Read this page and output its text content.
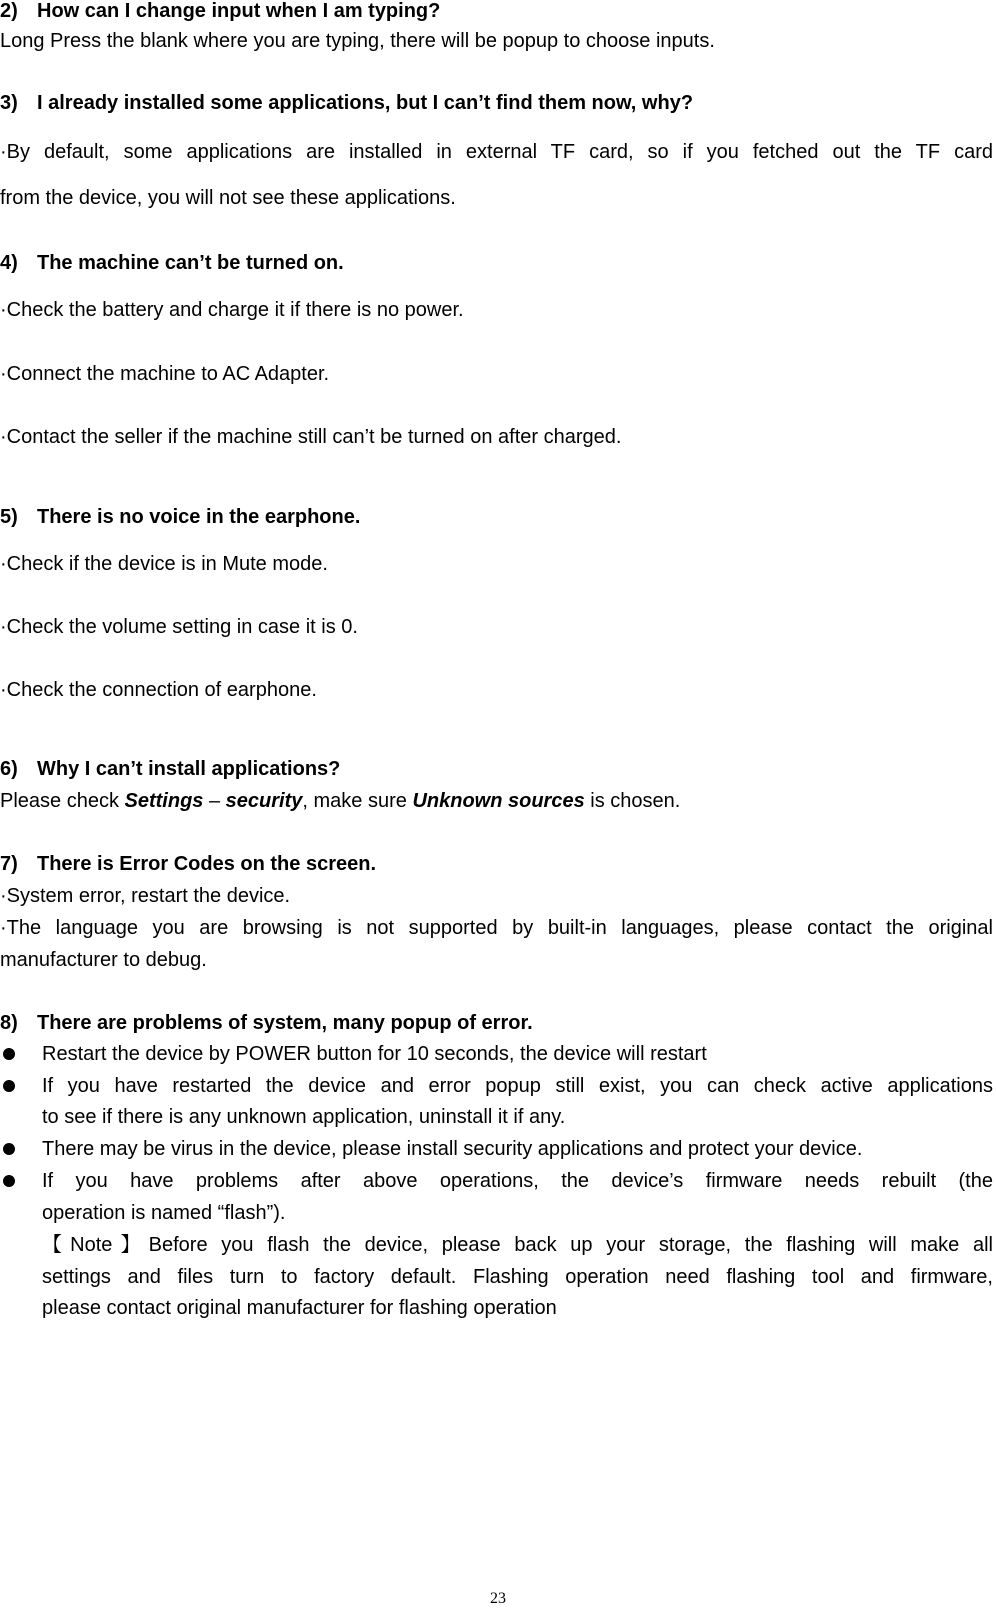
2) How can I change input when I am typing?
Long Press the blank where you are typing, there will be popup to choose inputs.
3) I already installed some applications, but I can’t find them now, why?
·By default, some applications are installed in external TF card, so if you fetched out the TF card
from the device, you will not see these applications.
4) The machine can’t be turned on.
·Check the battery and charge it if there is no power.
·Connect the machine to AC Adapter.
·Contact the seller if the machine still can’t be turned on after charged.
5) There is no voice in the earphone.
·Check if the device is in Mute mode.
·Check the volume setting in case it is 0.
·Check the connection of earphone.
6) Why I can’t install applications?
Please check Settings – security, make sure Unknown sources is chosen.
7) There is Error Codes on the screen.
·System error, restart the device.
·The language you are browsing is not supported by built-in languages, please contact the original
manufacturer to debug.
8) There are problems of system, many popup of error.
Restart the device by POWER button for 10 seconds, the device will restart
If you have restarted the device and error popup still exist, you can check active applications
to see if there is any unknown application, uninstall it if any.
There may be virus in the device, please install security applications and protect your device.
If you have problems after above operations, the device’s firmware needs rebuilt (the
operation is named “flash”).
【Note】Before you flash the device, please back up your storage, the flashing will make all
settings and files turn to factory default. Flashing operation need flashing tool and firmware,
please contact original manufacturer for flashing operation
23
